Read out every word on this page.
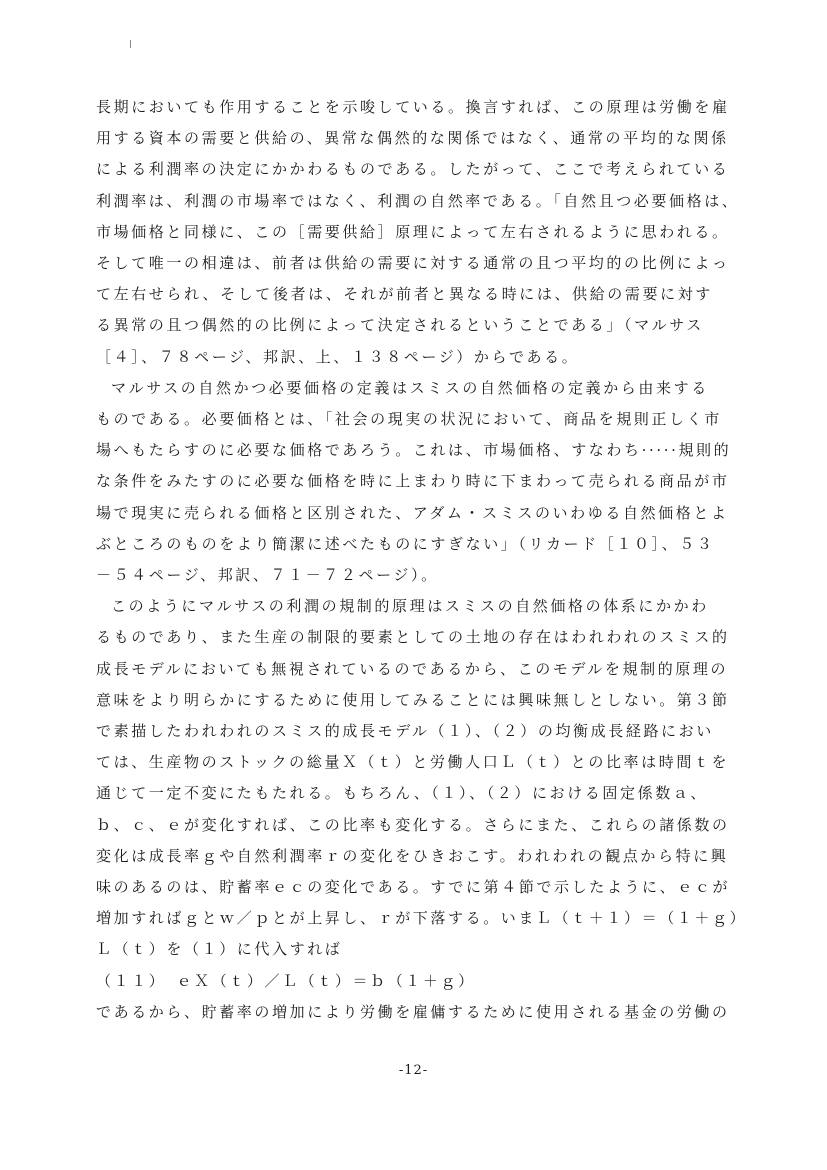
長期においても作用することを示唆している。換言すれば、この原理は労働を雇
用する資本の需要と供給の、異常な偶然的な関係ではなく、通常の平均的な関係
による利潤率の決定にかかわるものである。したがって、ここで考えられている
利潤率は、利潤の市場率ではなく、利潤の自然率である。「自然且つ必要価格は、
市場価格と同様に、この［需要供給］原理によって左右されるように思われる。
そして唯一の相違は、前者は供給の需要に対する通常の且つ平均的の比例によっ
て左右せられ、そして後者は、それが前者と異なる時には、供給の需要に対す
る異常の且つ偶然的の比例によって決定されるということである」（マルサス
［４］、７８ページ、邦訳、上、１３８ページ）からである。
マルサスの自然かつ必要価格の定義はスミスの自然価格の定義から由来する
ものである。必要価格とは、「社会の現実の状況において、商品を規則正しく市
場へもたらすのに必要な価格であろう。これは、市場価格、すなわち·····規則的
な条件をみたすのに必要な価格を時に上まわり時に下まわって売られる商品が市
場で現実に売られる価格と区別された、アダム・スミスのいわゆる自然価格とよ
ぶところのものをより簡潔に述べたものにすぎない」（リカード［１０］、５３
－５４ページ、邦訳、７１－７２ページ）。
このようにマルサスの利潤の規制的原理はスミスの自然価格の体系にかかわ
るものであり、また生産の制限的要素としての土地の存在はわれわれのスミス的
成長モデルにおいても無視されているのであるから、このモデルを規制的原理の
意味をより明らかにするために使用してみることには興味無しとしない。第３節
で素描したわれわれのスミス的成長モデル（１）、（２）の均衡成長経路におい
ては、生産物のストックの総量Ｘ（ｔ）と労働人口Ｌ（ｔ）との比率は時間ｔを
通じて一定不変にたもたれる。もちろん、（１）、（２）における固定係数ａ、
ｂ、ｃ、ｅが変化すれば、この比率も変化する。さらにまた、これらの諸係数の
変化は成長率ｇや自然利潤率ｒの変化をひきおこす。われわれの観点から特に興
味のあるのは、貯蓄率ｅｃの変化である。すでに第４節で示したように、ｅｃが
増加すればｇとｗ／ｐとが上昇し、ｒが下落する。いまＬ（ｔ＋１）＝（１＋ｇ）
Ｌ（ｔ）を（１）に代入すれば
（１１）　ｅＸ（ｔ）／Ｌ（ｔ）＝ｂ（１＋ｇ）
であるから、貯蓄率の増加により労働を雇傭するために使用される基金の労働の
-12-
